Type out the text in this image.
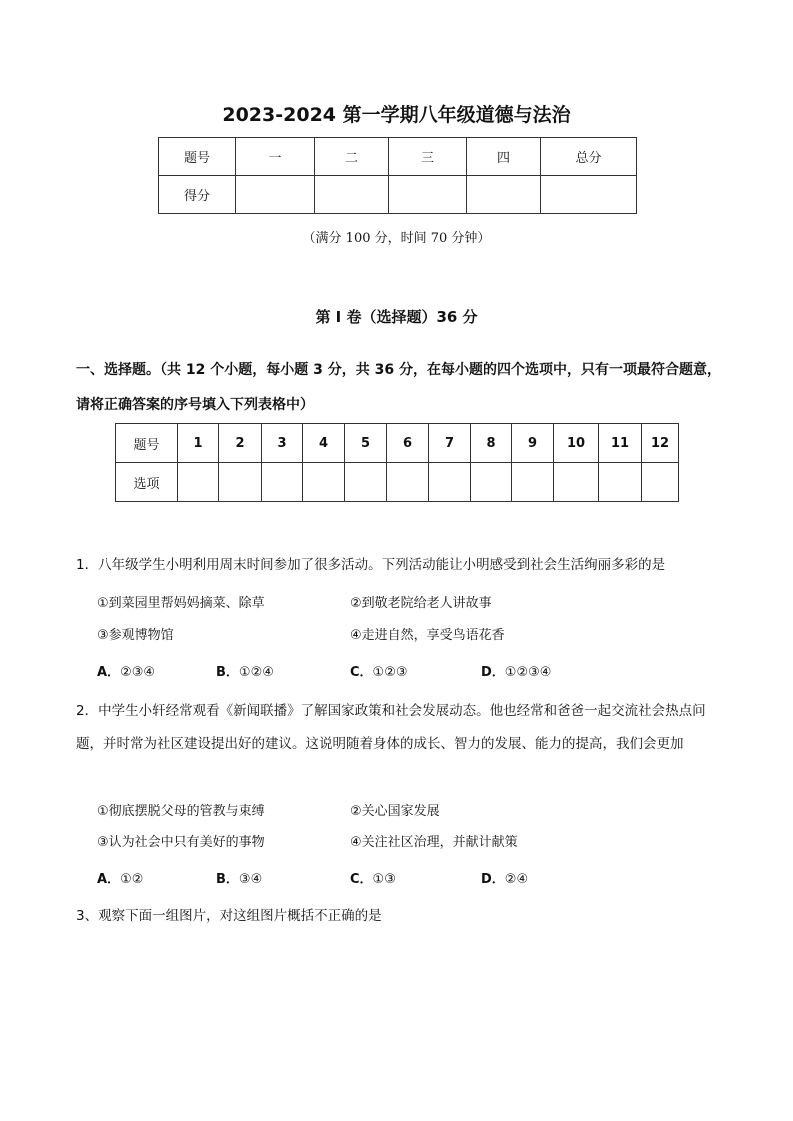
2023-2024 第一学期八年级道德与法治
题号	一	二	三	四	总分
得分					
（满分 100 分，时间 70 分钟）
第 I 卷（选择题）36 分
一、选择题。（共 12 个小题，每小题 3 分，共 36 分，在每小题的四个选项中，只有一项最符合题意，请将正确答案的序号填入下列表格中）
题号	1	2	3	4	5	6	7	8	9	10	11	12
选项												
1．八年级学生小明利用周末时间参加了很多活动。下列活动能让小明感受到社会生活绚丽多彩的是
①到菜园里帮妈妈摘菜、除草	②到敬老院给老人讲故事
③参观博物馆	④走进自然，享受鸟语花香
A．②③④	B．①②④	C．①②③	D．①②③④
2．中学生小轩经常观看《新闻联播》了解国家政策和社会发展动态。他也经常和爸爸一起交流社会热点问题，并时常为社区建设提出好的建议。这说明随着身体的成长、智力的发展、能力的提高，我们会更加
①彻底摆脱父母的管教与束缚	②关心国家发展
③认为社会中只有美好的事物	④关注社区治理，并献计献策
A．①②	B．③④	C．①③	D．②④
3、观察下面一组图片，对这组图片概括不正确的是
